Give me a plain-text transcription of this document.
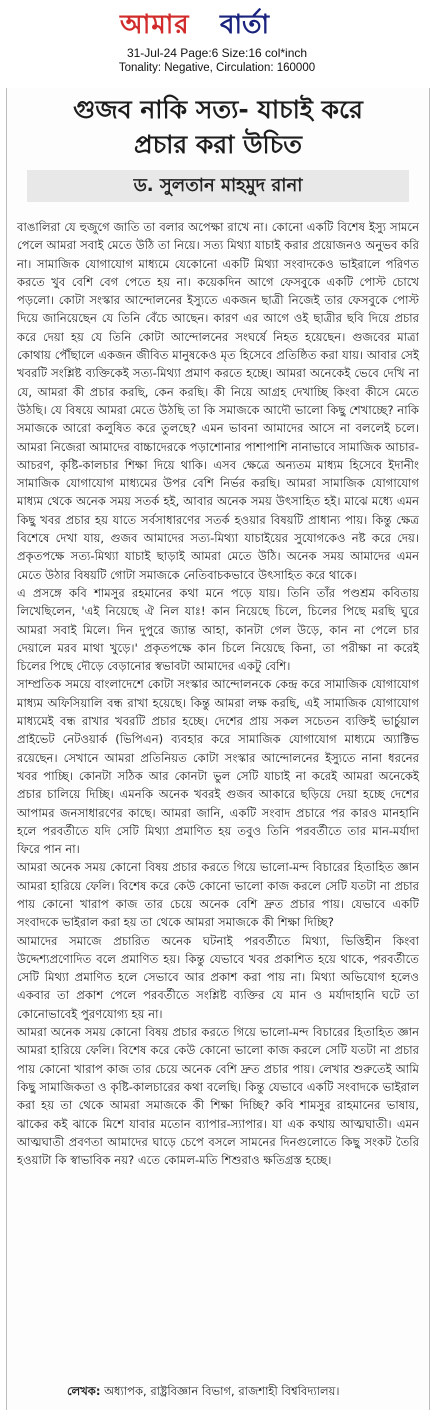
আমার বার্তা
31-Jul-24 Page:6 Size:16 col*inch
Tonality: Negative, Circulation: 160000
গুজব নাকি সত্য- যাচাই করে
প্রচার করা উচিত
ড. সুলতান মাহমুদ রানা

বাঙালিরা যে হুজুগে জাতি তা বলার অপেক্ষা রাখে না। কোনো একটি বিশেষ ইস্যু সামনে পেলে আমরা সবাই মেতে উঠি তা নিয়ে। সত্য মিথ্যা যাচাই করার প্রয়োজনও অনুভব করি না। সামাজিক যোগাযোগ মাধ্যমে যেকোনো একটি মিথ্যা সংবাদকেও ভাইরালে পরিণত করতে খুব বেশি বেগ পেতে হয় না। কয়েকদিন আগে ফেসবুকে একটি পোস্ট চোখে পড়লো। কোটা সংস্কার আন্দোলনের ইস্যুতে একজন ছাত্রী নিজেই তার ফেসবুকে পোস্ট দিয়ে জানিয়েছেন যে তিনি বেঁচে আছেন। কারণ এর আগে ওই ছাত্রীর ছবি দিয়ে প্রচার করে দেয়া হয় যে তিনি কোটা আন্দোলনের সংঘর্ষে নিহত হয়েছেন। গুজবের মাত্রা কোথায় পৌঁছালে একজন জীবিত মানুষকেও মৃত হিসেবে প্রতিষ্ঠিত করা যায়। আবার সেই খবরটি সংশ্লিষ্ট ব্যক্তিকেই সত্য-মিথ্যা প্রমাণ করতে হচ্ছে। আমরা অনেকেই ভেবে দেখি না যে, আমরা কী প্রচার করছি, কেন করছি। কী নিয়ে আগ্রহ দেখাচ্ছি কিংবা কীসে মেতে উঠছি। যে বিষয়ে আমরা মেতে উঠছি তা কি সমাজকে আদৌ ভালো কিছু শেখাচ্ছে? নাকি সমাজকে আরো কলুষিত করে তুলছে? এমন ভাবনা আমাদের আসে না বললেই চলে। আমরা নিজেরা আমাদের বাচ্চাদেরকে পড়াশোনার পাশাপাশি নানাভাবে সামাজিক আচার-আচরণ, কৃষ্টি-কালচার শিক্ষা দিয়ে থাকি। এসব ক্ষেত্রে অন্যতম মাধ্যম হিসেবে ইদানীং সামাজিক যোগাযোগ মাধ্যমের উপর বেশি নির্ভর করছি। আমরা সামাজিক যোগাযোগ মাধ্যম থেকে অনেক সময় সতর্ক হই, আবার অনেক সময় উৎসাহিত হই। মাঝে মধ্যে এমন কিছু খবর প্রচার হয় যাতে সর্বসাধারণের সতর্ক হওয়ার বিষয়টি প্রাধান্য পায়। কিন্তু ক্ষেত্র বিশেষে দেখা যায়, গুজব আমাদের সত্য-মিথ্যা যাচাইয়ের সুযোগকেও নষ্ট করে দেয়। প্রকৃতপক্ষে সত্য-মিথ্যা যাচাই ছাড়াই আমরা মেতে উঠি। অনেক সময় আমাদের এমন মেতে উঠার বিষয়টি গোটা সমাজকে নেতিবাচকভাবে উৎসাহিত করে থাকে।

এ প্রসঙ্গে কবি শামসুর রহমানের কথা মনে পড়ে যায়। তিনি তাঁর পণ্ডশ্রম কবিতায় লিখেছিলেন, 'এই নিয়েছে ঐ নিল যাঃ! কান নিয়েছে চিলে, চিলের পিছে মরছি ঘুরে আমরা সবাই মিলে। দিন দুপুরে জ্যান্ত আহা, কানটা গেল উড়ে, কান না পেলে চার দেয়ালে মরব মাথা খুড়ে।' প্রকৃতপক্ষে কান চিলে নিয়েছে কিনা, তা পরীক্ষা না করেই চিলের পিছে দৌড়ে বেড়ানোর স্বভাবটা আমাদের একটু বেশি।

সাম্প্রতিক সময়ে বাংলাদেশে কোটা সংস্কার আন্দোলনকে কেন্দ্র করে সামাজিক যোগাযোগ মাধ্যম অফিসিয়ালি বন্ধ রাখা হয়েছে। কিন্তু আমরা লক্ষ করছি, এই সামাজিক যোগাযোগ মাধ্যমেই বন্ধ রাখার খবরটি প্রচার হচ্ছে। দেশের প্রায় সকল সচেতন ব্যক্তিই ভার্চুয়াল প্রাইভেট নেটওয়ার্ক (ভিপিএন) ব্যবহার করে সামাজিক যোগাযোগ মাধ্যমে অ্যাক্টিভ রয়েছেন। সেখানে আমরা প্রতিনিয়ত কোটা সংস্কার আন্দোলনের ইস্যুতে নানা ধরনের খবর পাচ্ছি। কোনটা সঠিক আর কোনটা ভুল সেটি যাচাই না করেই আমরা অনেকেই প্রচার চালিয়ে দিচ্ছি। এমনকি অনেক খবরই গুজব আকারে ছড়িয়ে দেয়া হচ্ছে দেশের আপামর জনসাধারণের কাছে। আমরা জানি, একটি সংবাদ প্রচারে পর কারও মানহানি হলে পরবর্তীতে যদি সেটি মিথ্যা প্রমাণিত হয় তবুও তিনি পরবর্তীতে তার মান-মর্যাদা ফিরে পান না।

আমরা অনেক সময় কোনো বিষয় প্রচার করতে গিয়ে ভালো-মন্দ বিচারের হিতাহিত জ্ঞান আমরা হারিয়ে ফেলি। বিশেষ করে কেউ কোনো ভালো কাজ করলে সেটি যতটা না প্রচার পায় কোনো খারাপ কাজ তার চেয়ে অনেক বেশি দ্রুত প্রচার পায়। যেভাবে একটি সংবাদকে ভাইরাল করা হয় তা থেকে আমরা সমাজকে কী শিক্ষা দিচ্ছি?

আমাদের সমাজে প্রচারিত অনেক ঘটনাই পরবর্তীতে মিথ্যা, ভিত্তিহীন কিংবা উদ্দেশ্যপ্রণোদিত বলে প্রমাণিত হয়। কিন্তু যেভাবে খবর প্রকাশিত হয়ে থাকে, পরবর্তীতে সেটি মিথ্যা প্রমাণিত হলে সেভাবে আর প্রকাশ করা পায় না। মিথ্যা অভিযোগ হলেও একবার তা প্রকাশ পেলে পরবর্তীতে সংশ্লিষ্ট ব্যক্তির যে মান ও মর্যাদাহানি ঘটে তা কোনোভাবেই পুরণযোগ্য হয় না।

আমরা অনেক সময় কোনো বিষয় প্রচার করতে গিয়ে ভালো-মন্দ বিচারের হিতাহিত জ্ঞান আমরা হারিয়ে ফেলি। বিশেষ করে কেউ কোনো ভালো কাজ করলে সেটি যতটা না প্রচার পায় কোনো খারাপ কাজ তার চেয়ে অনেক বেশি দ্রুত প্রচার পায়। লেখার শুরুতেই আমি কিছু সামাজিকতা ও কৃষ্টি-কালচারের কথা বলেছি। কিন্তু যেভাবে একটি সংবাদকে ভাইরাল করা হয় তা থেকে আমরা সমাজকে কী শিক্ষা দিচ্ছি? কবি শামসুর রাহমানের ভাষায়, ঝাকের কই ঝাকে মিশে যাবার মতোন ব্যাপার-স্যাপার। যা এক কথায় আত্মঘাতী। এমন আত্মঘাতী প্রবণতা আমাদের ঘাড়ে চেপে বসলে সামনের দিনগুলোতে কিছু সংকট তৈরি হওয়াটা কি স্বাভাবিক নয়? এতে কোমল-মতি শিশুরাও ক্ষতিগ্রস্ত হচ্ছে।

লেখক: অধ্যাপক, রাষ্ট্রবিজ্ঞান বিভাগ, রাজশাহী বিশ্ববিদ্যালয়।
